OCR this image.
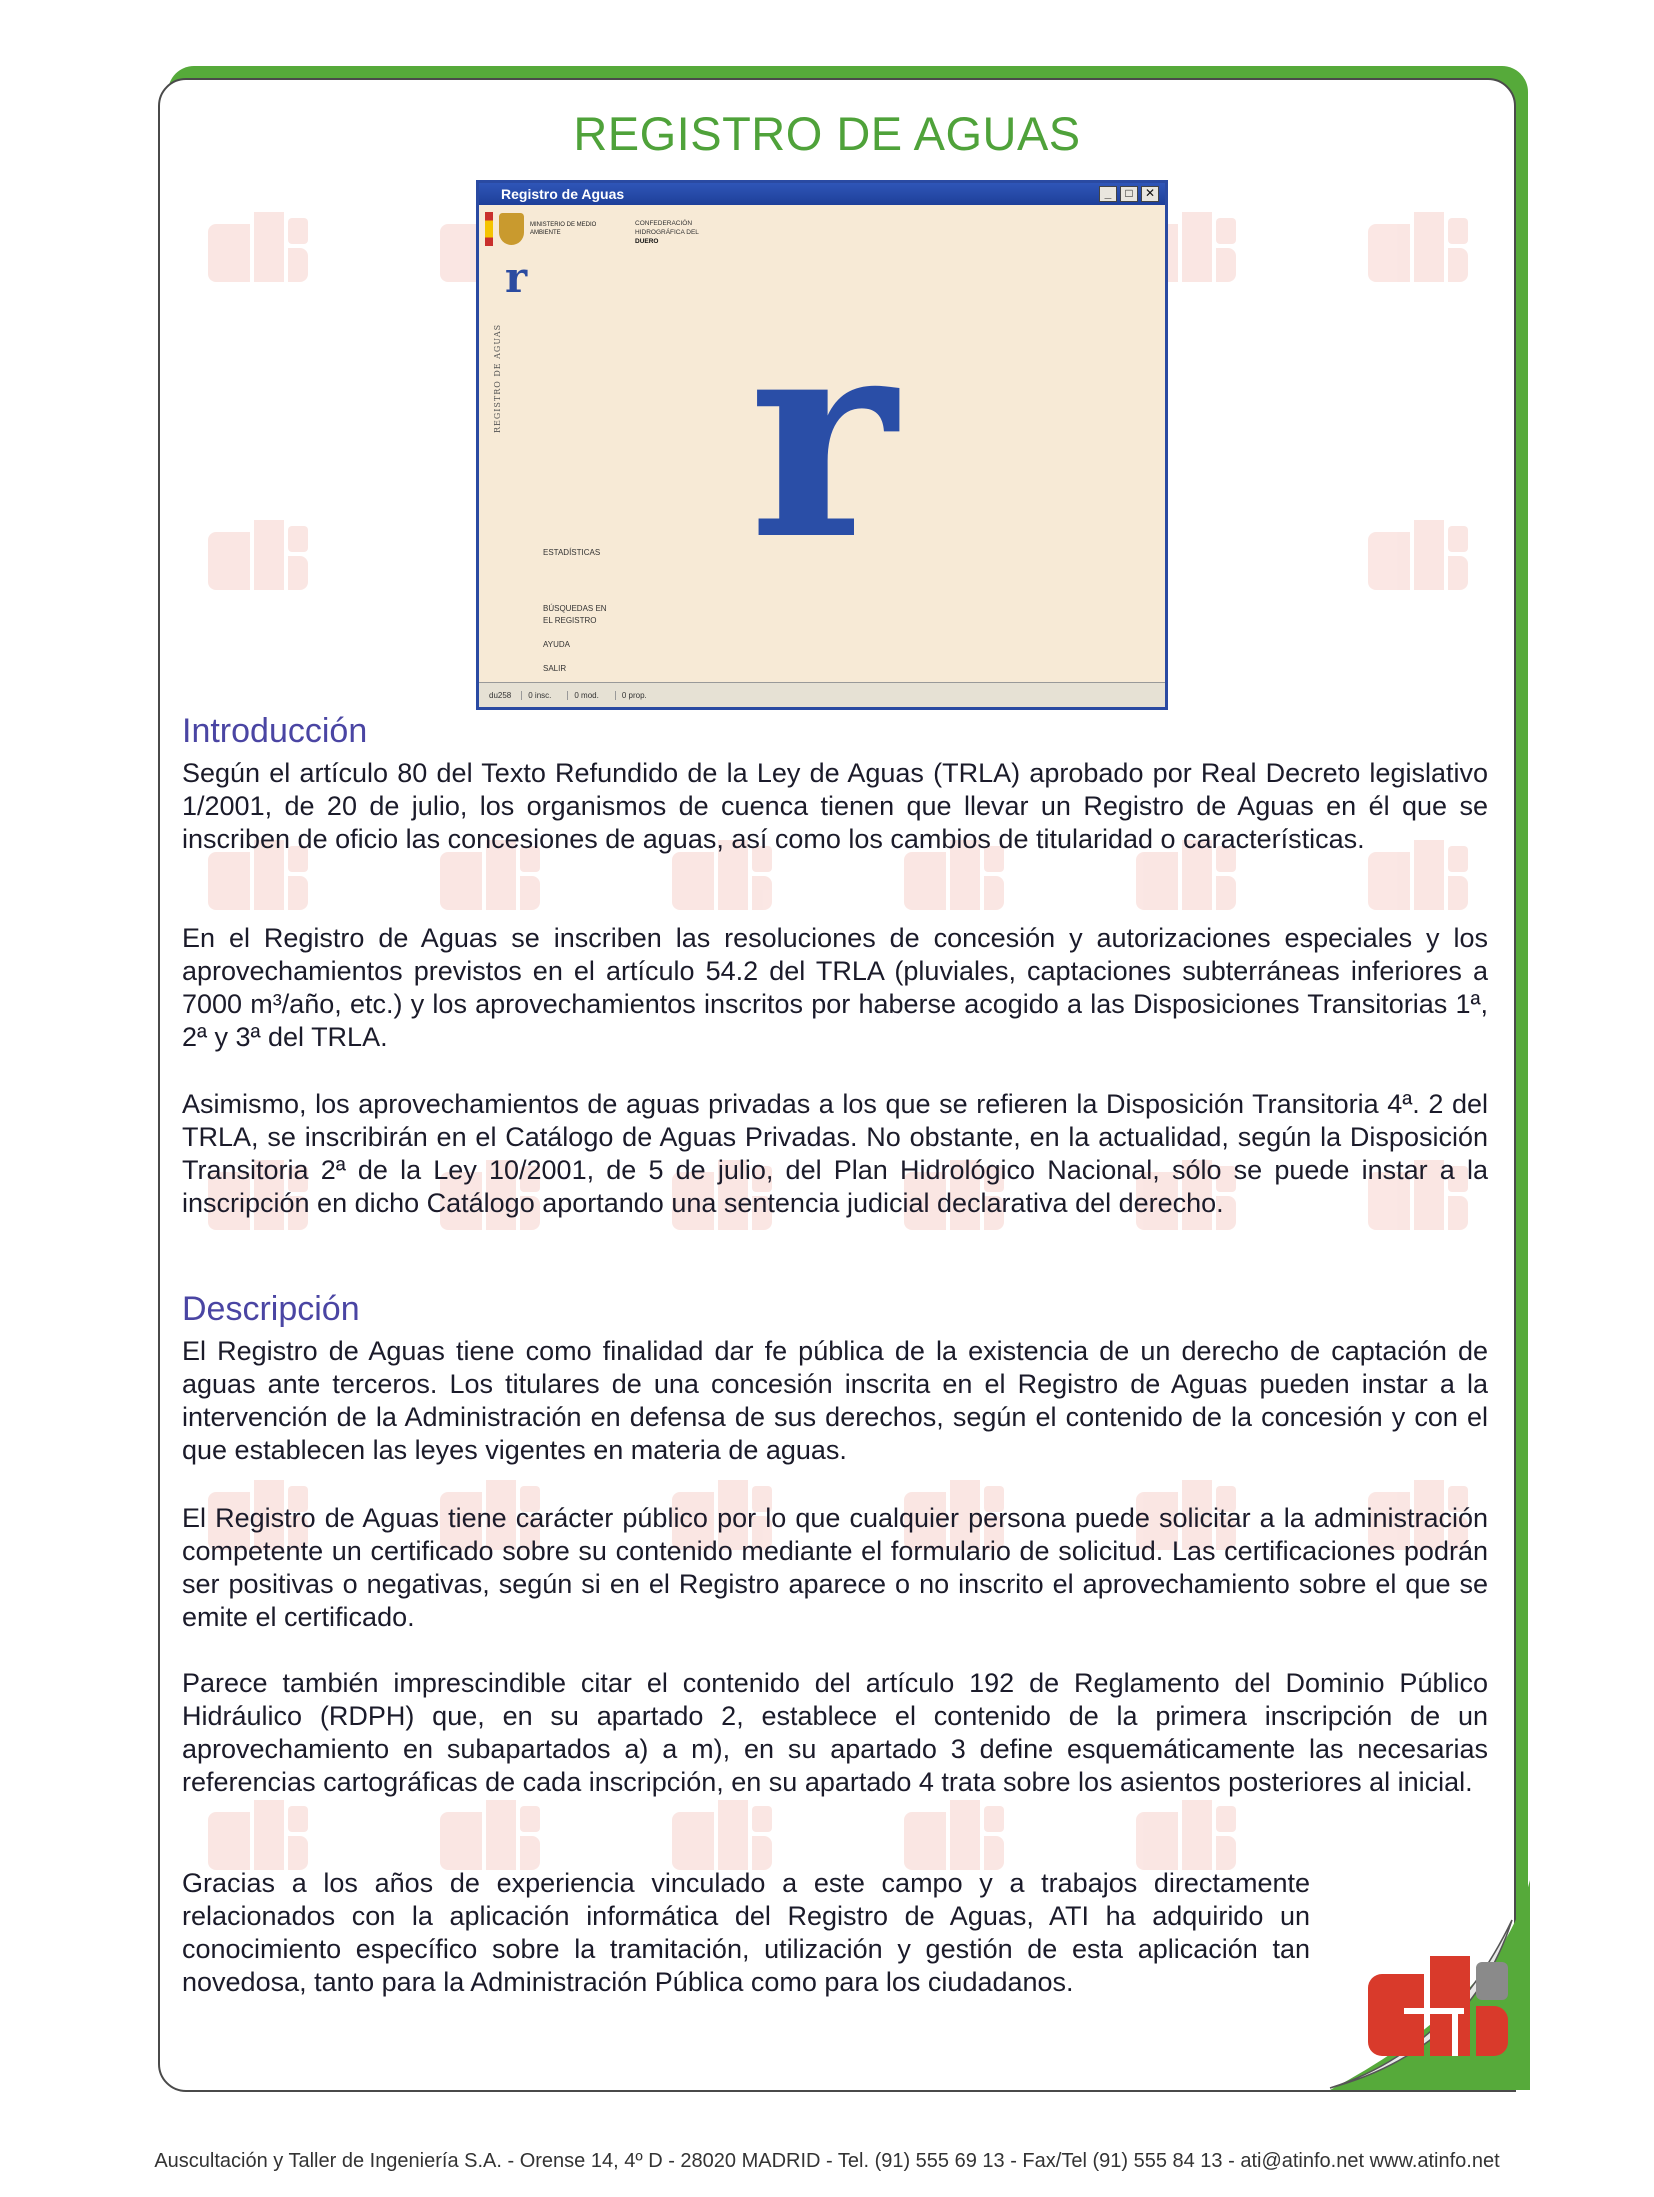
REGISTRO DE AGUAS
Registro de Aguas	_	□	✕
MINISTERIO DE MEDIO AMBIENTE
CONFEDERACIÓN
HIDROGRÁFICA DEL
DUERO
r
REGISTRO DE AGUAS r
ESTADÍSTICAS
BÚSQUEDAS EN
EL REGISTRO
AYUDA
SALIR
du258	0 insc.	0 mod.	0 prop.
Introducción
Según el artículo 80 del Texto Refundido de la Ley de Aguas (TRLA) aprobado por Real Decreto legislativo 1/2001, de 20 de julio, los organismos de cuenca tienen que llevar un Registro de Aguas en él que se inscriben de oficio las concesiones de aguas, así como los cambios de titularidad o características.
En el Registro de Aguas se inscriben las resoluciones de concesión y autorizaciones especiales y los aprovechamientos previstos en el artículo 54.2 del TRLA (pluviales, captaciones subterráneas inferiores a 7000 m³/año, etc.) y los aprovechamientos inscritos por haberse acogido a las Disposiciones Transitorias 1ª, 2ª y 3ª del TRLA.
Asimismo, los aprovechamientos de aguas privadas a los que se refieren la Disposición Transitoria 4ª. 2 del TRLA, se inscribirán en el Catálogo de Aguas Privadas. No obstante, en la actualidad, según la Disposición Transitoria 2ª de la Ley 10/2001, de 5 de julio, del Plan Hidrológico Nacional, sólo se puede instar a la inscripción en dicho Catálogo aportando una sentencia judicial declarativa del derecho.
Descripción
El Registro de Aguas tiene como finalidad dar fe pública de la existencia de un derecho de captación de aguas ante terceros. Los titulares de una concesión inscrita en el Registro de Aguas pueden instar a la intervención de la Administración en defensa de sus derechos, según el contenido de la concesión y con el que establecen las leyes vigentes en materia de aguas.
El Registro de Aguas tiene carácter público por lo que cualquier persona puede solicitar a la administración competente un certificado sobre su contenido mediante el formulario de solicitud. Las certificaciones podrán ser positivas o negativas, según si en el Registro aparece o no inscrito el aprovechamiento sobre el que se emite el certificado.
Parece también imprescindible citar el contenido del artículo 192 de Reglamento del Dominio Público Hidráulico (RDPH) que, en su apartado 2, establece el contenido de la primera inscripción de un aprovechamiento en subapartados a) a m), en su apartado 3 define esquemáticamente las necesarias referencias cartográficas de cada inscripción, en su apartado 4 trata sobre los asientos posteriores al inicial.
Gracias a los años de experiencia vinculado a este campo y a trabajos directamente relacionados con la aplicación informática del Registro de Aguas, ATI ha adquirido un conocimiento específico sobre la tramitación, utilización y gestión de esta aplicación tan novedosa, tanto para la Administración Pública como para los ciudadanos.
Auscultación y Taller de Ingeniería S.A. - Orense 14, 4º D - 28020 MADRID - Tel. (91) 555 69 13 - Fax/Tel (91) 555 84 13 - ati@atinfo.net www.atinfo.net
